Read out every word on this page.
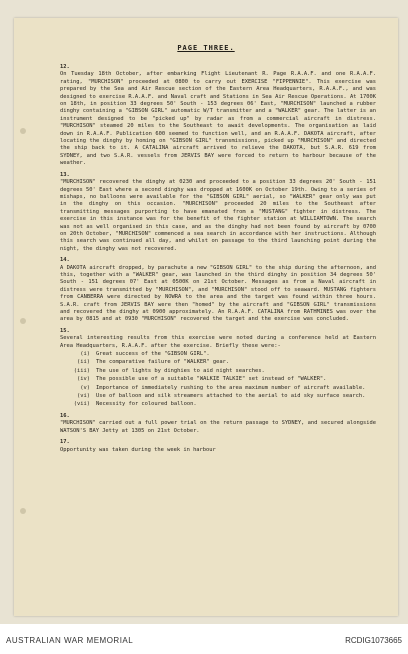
PAGE THREE.
12.
On Tuesday 18th October, after embarking Flight Lieutenant R. Page R.A.A.F. and one R.A.A.F. rating, "MURCHISON" proceeded at 0800 to carry out EXERCISE "FIPPENNIE". This exercise was prepared by the Sea and Air Rescue section of the Eastern Area Headquarters, R.A.A.F., and was designed to exercise R.A.A.F. and Naval craft and Stations in Sea Air Rescue Operations. At 1700K on 18th, in position 33 degrees 50' South - 153 degrees 06' East, "MURCHISON" launched a rubber dinghy containing a "GIBSON GIRL" automatic W/T transmitter and a "WALKER" gear. The latter is an instrument designed to be "picked up" by radar as from a commercial aircraft in distress. "MURCHISON" steamed 20 miles to the Southeast to await developments. The organisation as laid down in R.A.A.F. Publication 600 seemed to function well, and an R.A.A.F. DAKOTA aircraft, after locating the dinghy by homing on "GIBSON GIRL" transmissions, picked up "MURCHISON" and directed the ship back to it. A CATALINA aircraft arrived to relieve the DAKOTA, but S.A.R. 619 from SYDNEY, and two S.A.R. vessels from JERVIS BAY were forced to return to harbour because of the weather.
13.
"MURCHISON" recovered the dinghy at 0230 and proceeded to a position 33 degrees 20' South - 151 degrees 50' East where a second dinghy was dropped at 1600K on October 19th. Owing to a series of mishaps, no balloons were available for the "GIBSON GIRL" aerial, so "WALKER" gear only was put in the dinghy on this occasion. "MURCHISON" proceeded 20 miles to the Southeast after transmitting messages purporting to have emanated from a "MUSTANG" fighter in distress. The exercise in this instance was for the benefit of the fighter station at WILLIAMTOWN. The search was not as well organised in this case, and as the dinghy had not been found by aircraft by 0700 on 20th October, "MURCHISON" commenced a sea search in accordance with her instructions. Although this search was continued all day, and whilst on passage to the third launching point during the night, the dinghy was not recovered.
14.
A DAKOTA aircraft dropped, by parachute a new "GIBSON GIRL" to the ship during the afternoon, and this, together with a "WALKER" gear, was launched in the third dinghy in position 34 degrees 50' South - 151 degrees 07' East at 0500K on 21st October. Messages as from a Naval aircraft in distress were transmitted by "MURCHISON", and "MURCHISON" stood off to seaward. MUSTANG fighters from CANBERRA were directed by NOWRA to the area and the target was found within three hours. S.A.R. craft from JERVIS BAY were then "homed" by the aircraft and "GIBSON GIRL" transmissions and recovered the dinghy at 0900 approximately. An R.A.A.F. CATALINA from RATHMINES was over the area by 0815 and at 0930 "MURCHISON" recovered the target and the exercise was concluded.
15.
Several interesting results from this exercise were noted during a conference held at Eastern Area Headquarters, R.A.A.F. after the exercise. Briefly these were:-
(i) Great success of the "GIBSON GIRL".
(ii) The comparative failure of "WALKER" gear.
(iii) The use of lights by dinghies to aid night searches.
(iv) The possible use of a suitable "WALKIE TALKIE" set instead of "WALKER".
(v) Importance of immediately rushing to the area maximum number of aircraft available.
(vi) Use of balloon and silk streamers attached to the aerial to aid sky surface search.
(vii) Necessity for coloured balloon.
16.
"MURCHISON" carried out a full power trial on the return passage to SYDNEY, and secured alongside WATSON'S BAY Jetty at 1305 on 21st October.
17.
Opportunity was taken during the week in harbour
AUSTRALIAN WAR MEMORIAL	RCDIG1073665
